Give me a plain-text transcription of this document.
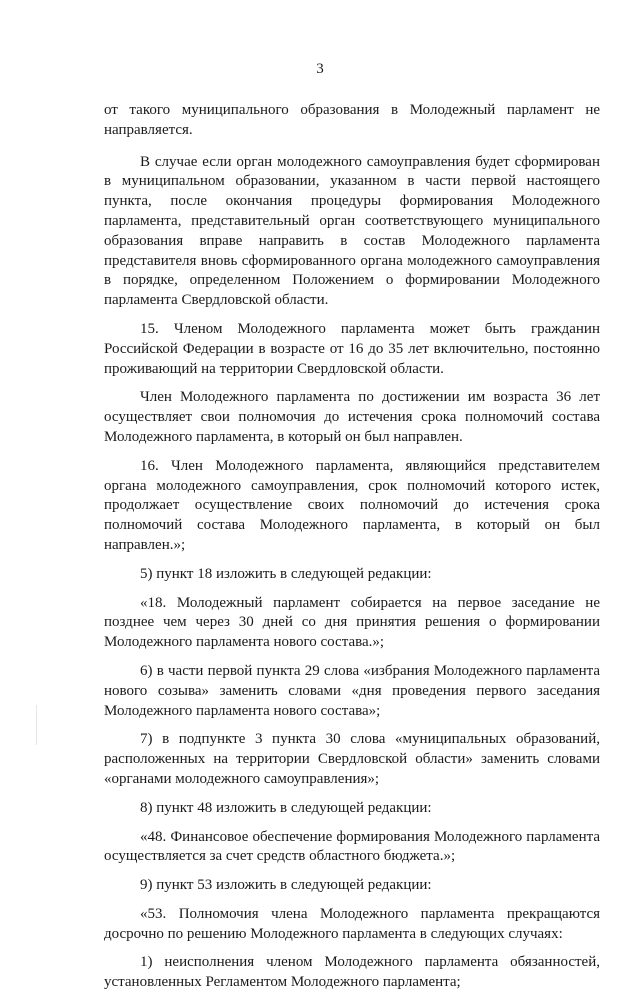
3

от такого муниципального образования в Молодежный парламент не направляется.

В случае если орган молодежного самоуправления будет сформирован в муниципальном образовании, указанном в части первой настоящего пункта, после окончания процедуры формирования Молодежного парламента, представительный орган соответствующего муниципального образования вправе направить в состав Молодежного парламента представителя вновь сформированного органа молодежного самоуправления в порядке, определенном Положением о формировании Молодежного парламента Свердловской области.

15. Членом Молодежного парламента может быть гражданин Российской Федерации в возрасте от 16 до 35 лет включительно, постоянно проживающий на территории Свердловской области.

Член Молодежного парламента по достижении им возраста 36 лет осуществляет свои полномочия до истечения срока полномочий состава Молодежного парламента, в который он был направлен.

16. Член Молодежного парламента, являющийся представителем органа молодежного самоуправления, срок полномочий которого истек, продолжает осуществление своих полномочий до истечения срока полномочий состава Молодежного парламента, в который он был направлен.»;

5) пункт 18 изложить в следующей редакции:

«18. Молодежный парламент собирается на первое заседание не позднее чем через 30 дней со дня принятия решения о формировании Молодежного парламента нового состава.»;

6) в части первой пункта 29 слова «избрания Молодежного парламента нового созыва» заменить словами «дня проведения первого заседания Молодежного парламента нового состава»;

7) в подпункте 3 пункта 30 слова «муниципальных образований, расположенных на территории Свердловской области» заменить словами «органами молодежного самоуправления»;

8) пункт 48 изложить в следующей редакции:

«48. Финансовое обеспечение формирования Молодежного парламента осуществляется за счет средств областного бюджета.»;

9) пункт 53 изложить в следующей редакции:

«53. Полномочия члена Молодежного парламента прекращаются досрочно по решению Молодежного парламента в следующих случаях:

1) неисполнения членом Молодежного парламента обязанностей, установленных Регламентом Молодежного парламента;
